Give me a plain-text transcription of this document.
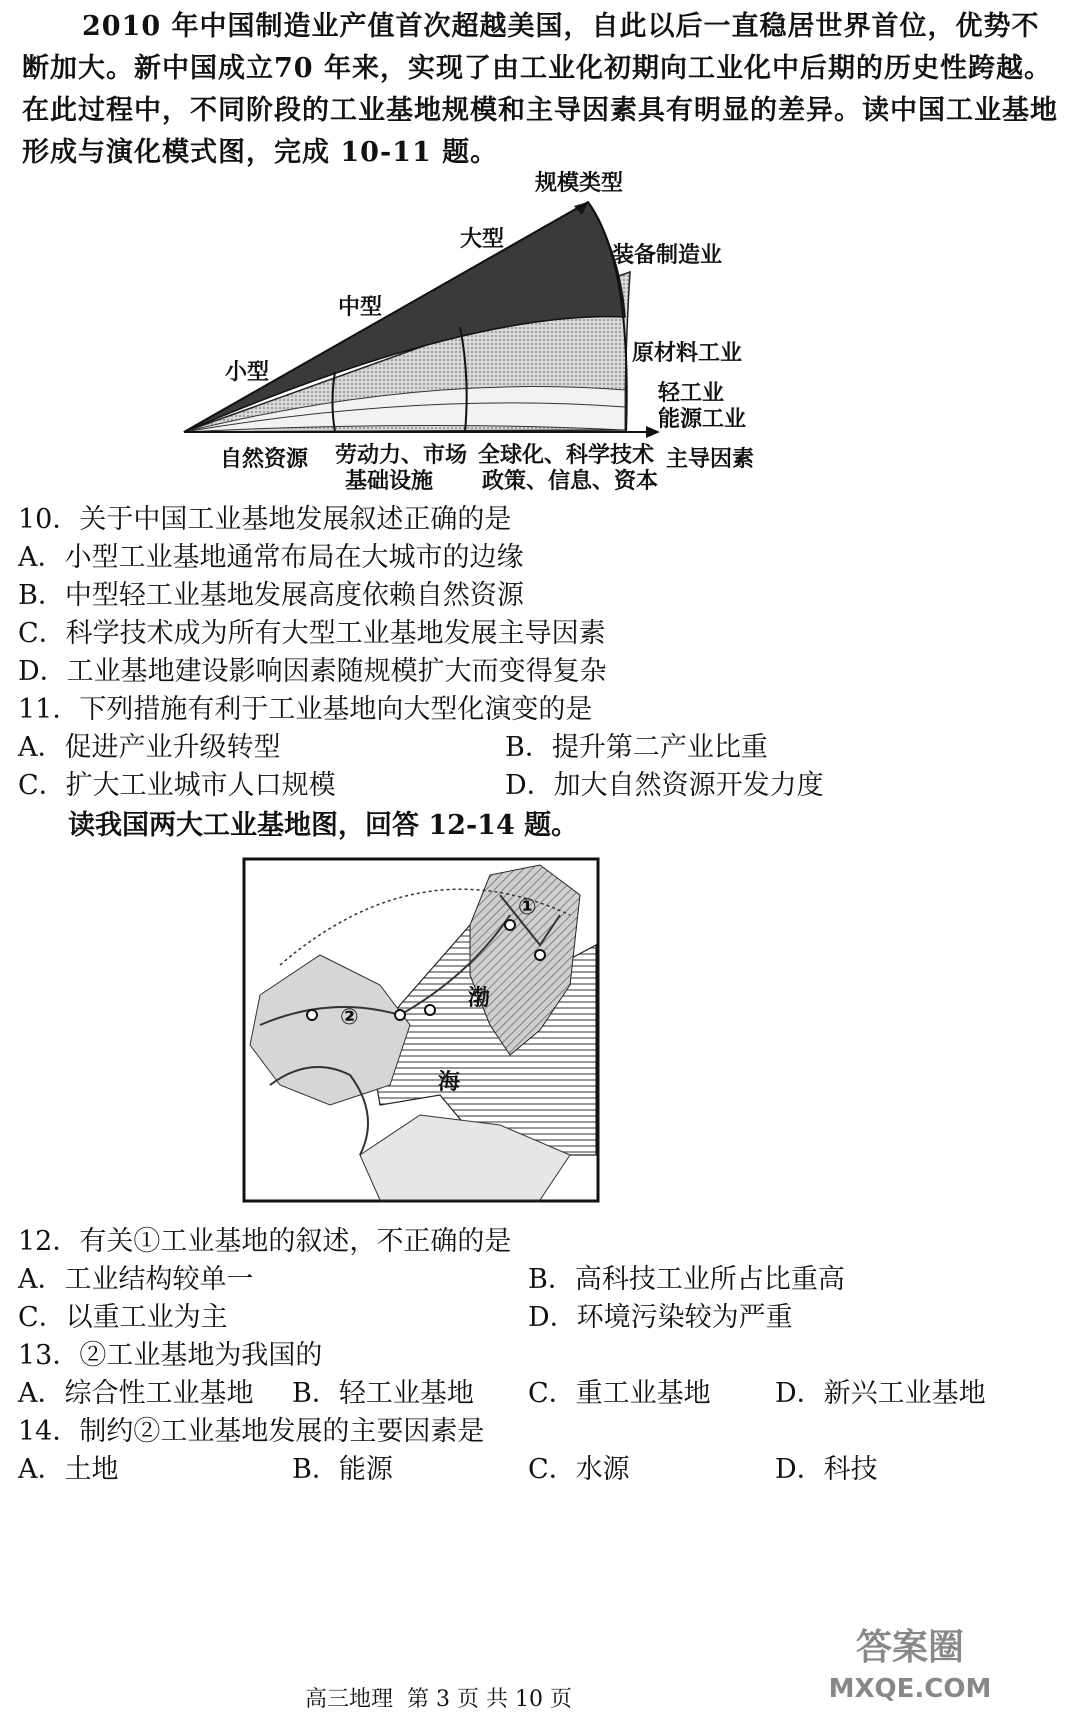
2010 年中国制造业产值首次超越美国，自此以后一直稳居世界首位，优势不断加大。新中国成立70 年来，实现了由工业化初期向工业化中后期的历史性跨越。在此过程中，不同阶段的工业基地规模和主导因素具有明显的差异。读中国工业基地形成与演化模式图，完成 10-11 题。
规模类型
大型
中型
小型
装备制造业
原材料工业
轻工业
能源工业
主导因素
自然资源 劳动力、市场
基础设施
全球化、科学技术
政策、信息、资本
10．关于中国工业基地发展叙述正确的是
A．小型工业基地通常布局在大城市的边缘
B．中型轻工业基地发展高度依赖自然资源
C．科学技术成为所有大型工业基地发展主导因素
D．工业基地建设影响因素随规模扩大而变得复杂
11．下列措施有利于工业基地向大型化演变的是
A．促进产业升级转型	B．提升第二产业比重
C．扩大工业城市人口规模	D．加大自然资源开发力度
读我国两大工业基地图，回答 12-14 题。
①
②
渤
海
12．有关①工业基地的叙述，不正确的是
A．工业结构较单一	B．高科技工业所占比重高
C．以重工业为主	D．环境污染较为严重
13．②工业基地为我国的
A．综合性工业基地 B．轻工业基地 C．重工业基地 D．新兴工业基地
14．制约②工业基地发展的主要因素是
A．土地	B．能源	C．水源	D．科技
高三地理  第 3 页 共 10 页
答案圈
MXQE.COM
